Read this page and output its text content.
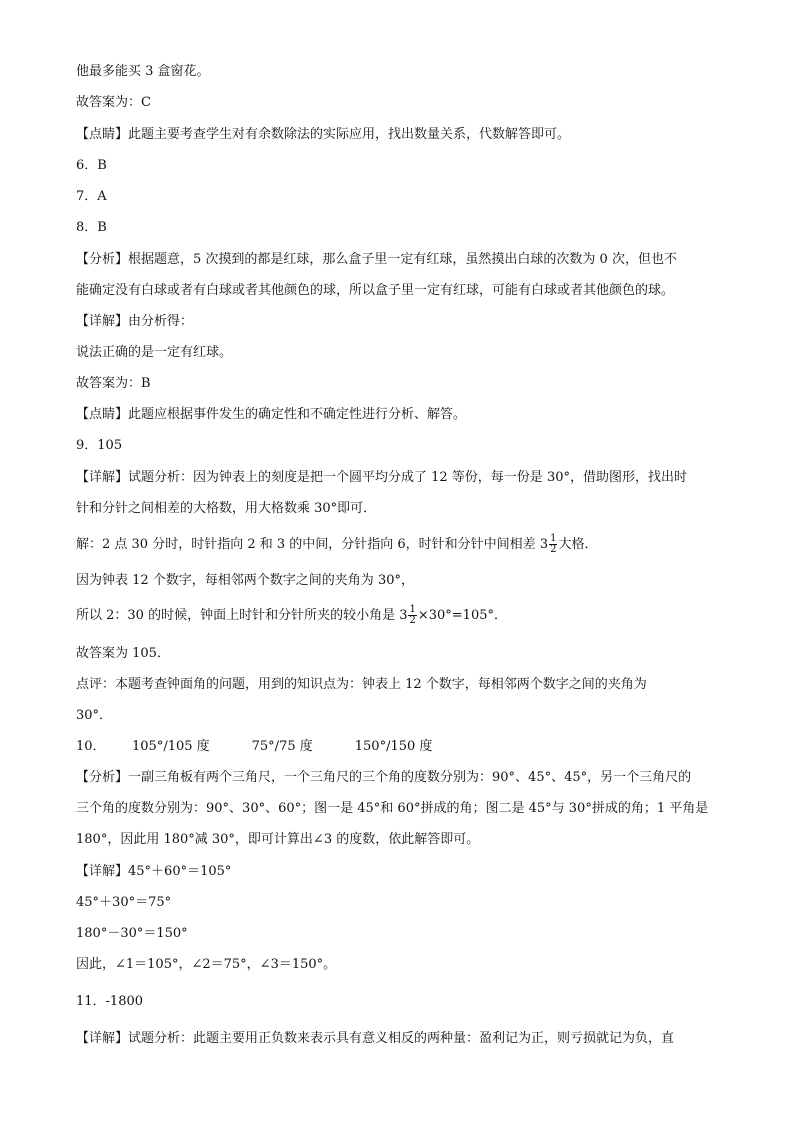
他最多能买 3 盒窗花。
故答案为：C
【点睛】此题主要考查学生对有余数除法的实际应用，找出数量关系，代数解答即可。
6．B
7．A
8．B
【分析】根据题意，5 次摸到的都是红球，那么盒子里一定有红球，虽然摸出白球的次数为 0 次，但也不
能确定没有白球或者有白球或者其他颜色的球，所以盒子里一定有红球，可能有白球或者其他颜色的球。
【详解】由分析得：
说法正确的是一定有红球。
故答案为：B
【点睛】此题应根据事件发生的确定性和不确定性进行分析、解答。
9．105
【详解】试题分析：因为钟表上的刻度是把一个圆平均分成了 12 等份，每一份是 30°，借助图形，找出时
针和分针之间相差的大格数，用大格数乘 30°即可．
解：2 点 30 分时，时针指向 2 和 3 的中间，分针指向 6，时针和分针中间相差 $3 \frac{1}{2}$ 大格．
因为钟表 12 个数字，每相邻两个数字之间的夹角为 30°，
所以 2：30 的时候，钟面上时针和分针所夹的较小角是 $3 \frac{1}{2} \times 30^\circ=105^\circ$．
故答案为 105．
点评：本题考查钟面角的问题，用到的知识点为：钟表上 12 个数字，每相邻两个数字之间的夹角为
30°．
10． 105°/105 度	75°/75 度	150°/150 度
【分析】一副三角板有两个三角尺，一个三角尺的三个角的度数分别为：90°、45°、45°，另一个三角尺的
三个角的度数分别为：90°、30°、60°；图一是 45°和 60°拼成的角；图二是 45°与 30°拼成的角；1 平角是
180°，因此用 180°减 30°，即可计算出∠3 的度数，依此解答即可。
【详解】45°＋60°＝105°
45°＋30°＝75°
180°－30°＝150°
因此，∠1＝105°，∠2＝75°，∠3＝150°。
11．-1800
【详解】试题分析：此题主要用正负数来表示具有意义相反的两种量：盈利记为正，则亏损就记为负，直
